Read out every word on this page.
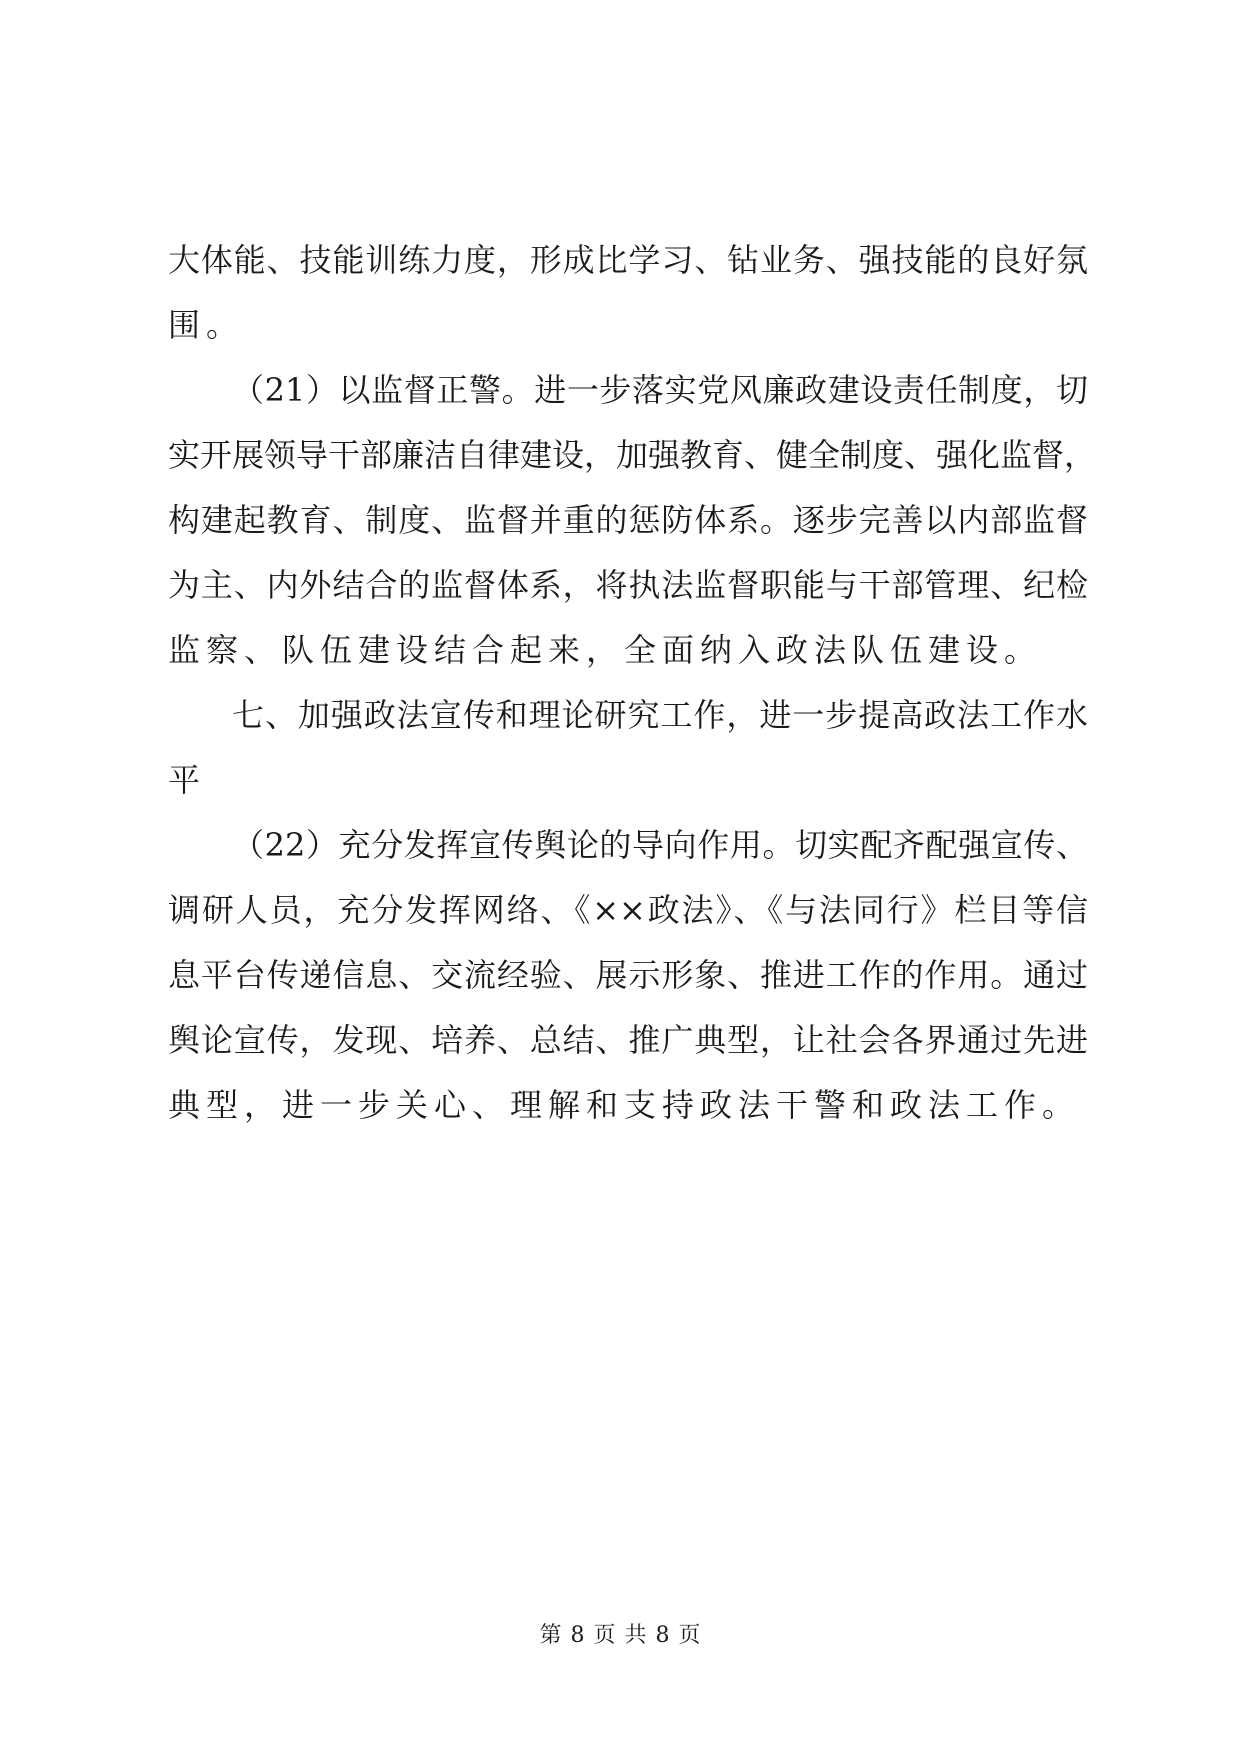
大体能、技能训练力度，形成比学习、钻业务、强技能的良好氛
围。
（21）以监督正警。进一步落实党风廉政建设责任制度，切
实开展领导干部廉洁自律建设，加强教育、健全制度、强化监督，
构建起教育、制度、监督并重的惩防体系。逐步完善以内部监督
为主、内外结合的监督体系，将执法监督职能与干部管理、纪检
监察、队伍建设结合起来，全面纳入政法队伍建设。
七、加强政法宣传和理论研究工作，进一步提高政法工作水
平
（22）充分发挥宣传舆论的导向作用。切实配齐配强宣传、
调研人员，充分发挥网络、《××政法》、《与法同行》栏目等信
息平台传递信息、交流经验、展示形象、推进工作的作用。通过
舆论宣传，发现、培养、总结、推广典型，让社会各界通过先进
典型，进一步关心、理解和支持政法干警和政法工作。
第 8 页 共 8 页
